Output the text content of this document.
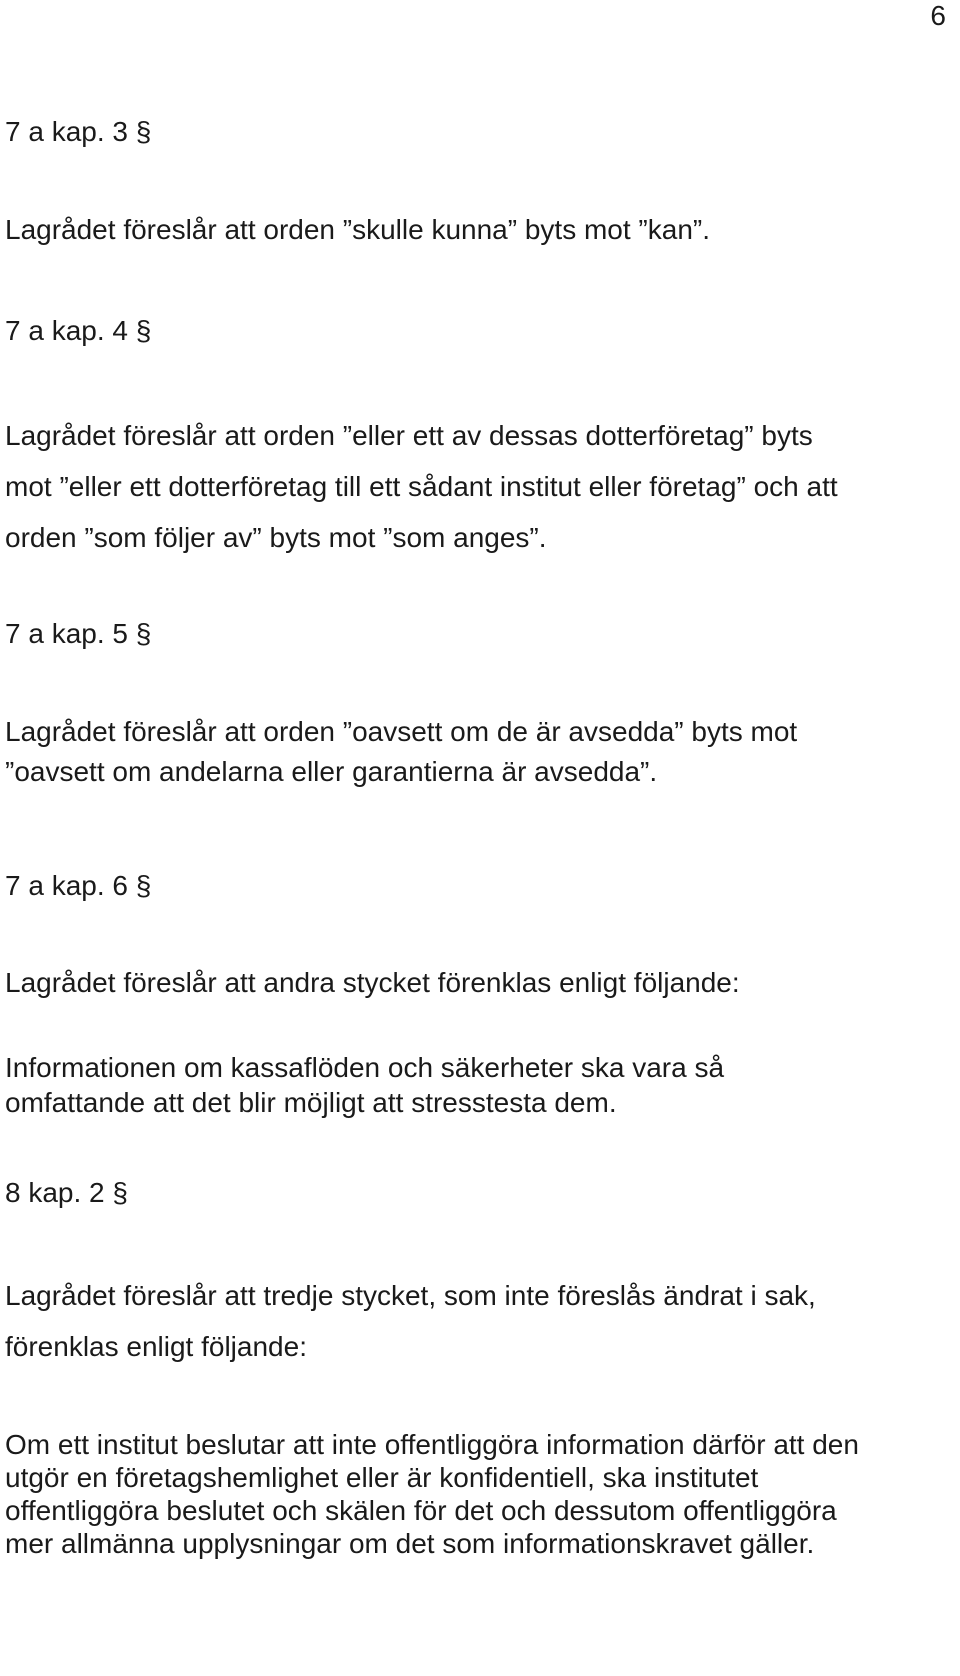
6
7 a kap. 3 §
Lagrådet föreslår att orden ”skulle kunna” byts mot ”kan”.
7 a kap. 4 §
Lagrådet föreslår att orden ”eller ett av dessas dotterföretag” byts
mot ”eller ett dotterföretag till ett sådant institut eller företag” och att
orden ”som följer av” byts mot ”som anges”.
7 a kap. 5 §
Lagrådet föreslår att orden ”oavsett om de är avsedda” byts mot
”oavsett om andelarna eller garantierna är avsedda”.
7 a kap. 6 §
Lagrådet föreslår att andra stycket förenklas enligt följande:
Informationen om kassaflöden och säkerheter ska vara så
omfattande att det blir möjligt att stresstesta dem.
8 kap. 2 §
Lagrådet föreslår att tredje stycket, som inte föreslås ändrat i sak,
förenklas enligt följande:
Om ett institut beslutar att inte offentliggöra information därför att den
utgör en företagshemlighet eller är konfidentiell, ska institutet
offentliggöra beslutet och skälen för det och dessutom offentliggöra
mer allmänna upplysningar om det som informationskravet gäller.
